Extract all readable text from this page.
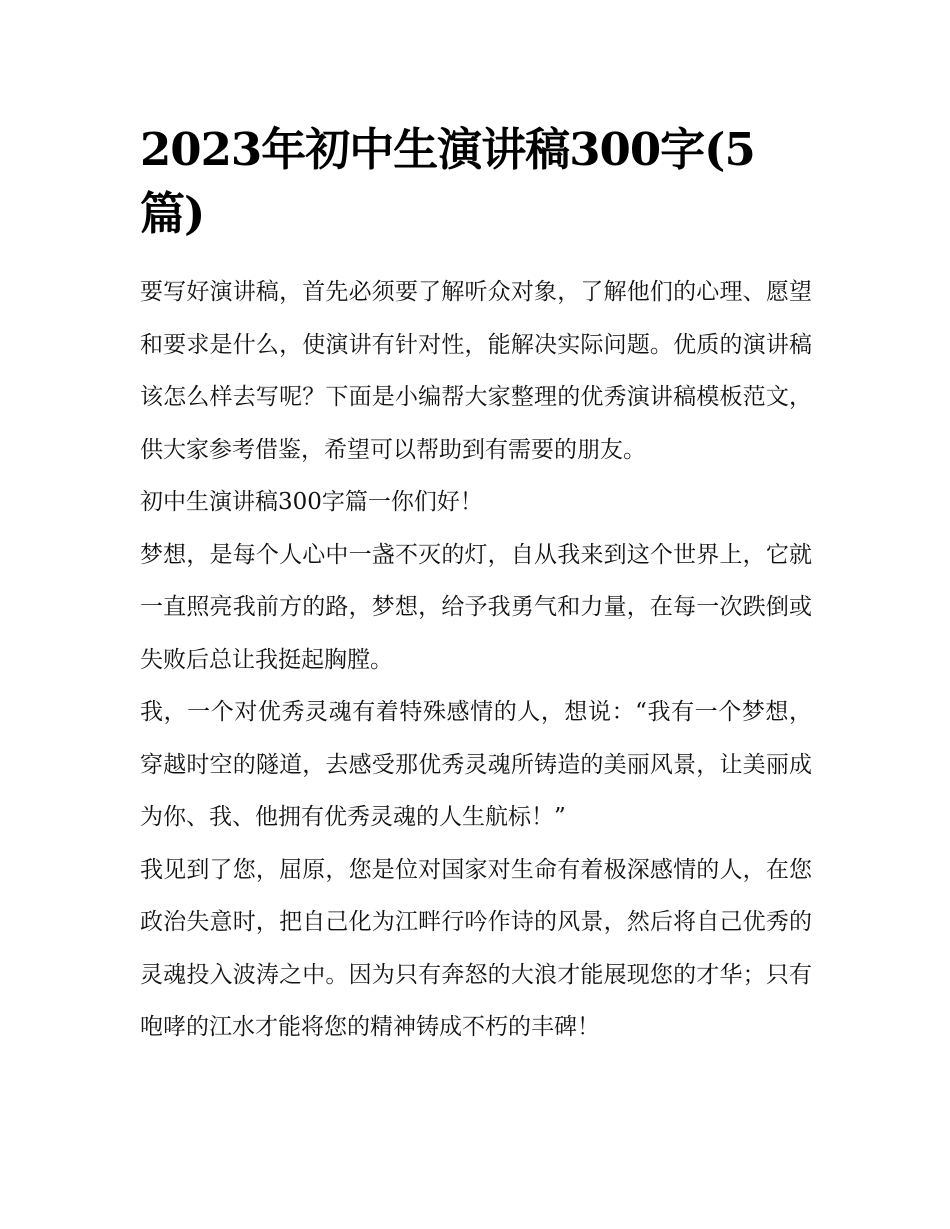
2023年初中生演讲稿300字(5篇)

要写好演讲稿，首先必须要了解听众对象，了解他们的心理、愿望和要求是什么，使演讲有针对性，能解决实际问题。优质的演讲稿该怎么样去写呢？下面是小编帮大家整理的优秀演讲稿模板范文，供大家参考借鉴，希望可以帮助到有需要的朋友。

初中生演讲稿300字篇一你们好！

梦想，是每个人心中一盏不灭的灯，自从我来到这个世界上，它就一直照亮我前方的路，梦想，给予我勇气和力量，在每一次跌倒或失败后总让我挺起胸膛。

我，一个对优秀灵魂有着特殊感情的人，想说：“我有一个梦想，穿越时空的隧道，去感受那优秀灵魂所铸造的美丽风景，让美丽成为你、我、他拥有优秀灵魂的人生航标！”

我见到了您，屈原，您是位对国家对生命有着极深感情的人，在您政治失意时，把自己化为江畔行吟作诗的风景，然后将自己优秀的灵魂投入波涛之中。因为只有奔怒的大浪才能展现您的才华；只有咆哮的江水才能将您的精神铸成不朽的丰碑！
